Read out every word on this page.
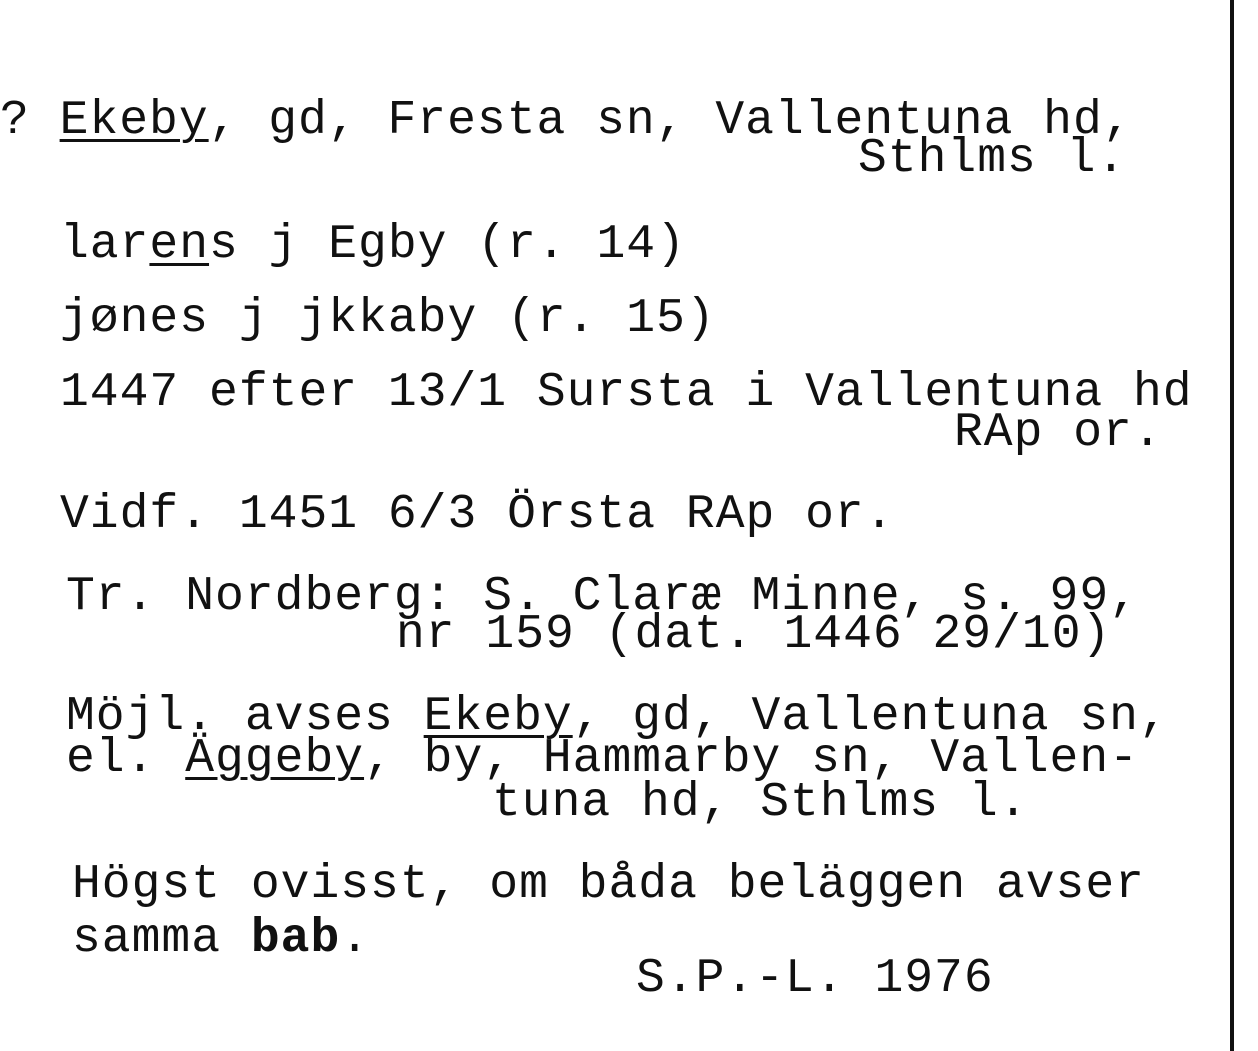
? Ekeby, gd, Fresta sn, Vallentuna hd,
Sthlms l.
larens j Egby (r. 14)
jønes j jkkaby (r. 15)
1447 efter 13/1 Sursta i Vallentuna hd
RAp or.
Vidf. 1451 6/3 Örsta RAp or.
Tr. Nordberg: S. Claræ Minne, s. 99,
nr 159 (dat. 1446 29/10)
Möjl. avses Ekeby, gd, Vallentuna sn,
el. Äggeby, by, Hammarby sn, Vallen-
tuna hd, Sthlms l.
Högst ovisst, om båda beläggen avser
samma bab.
S.P.-L. 1976
